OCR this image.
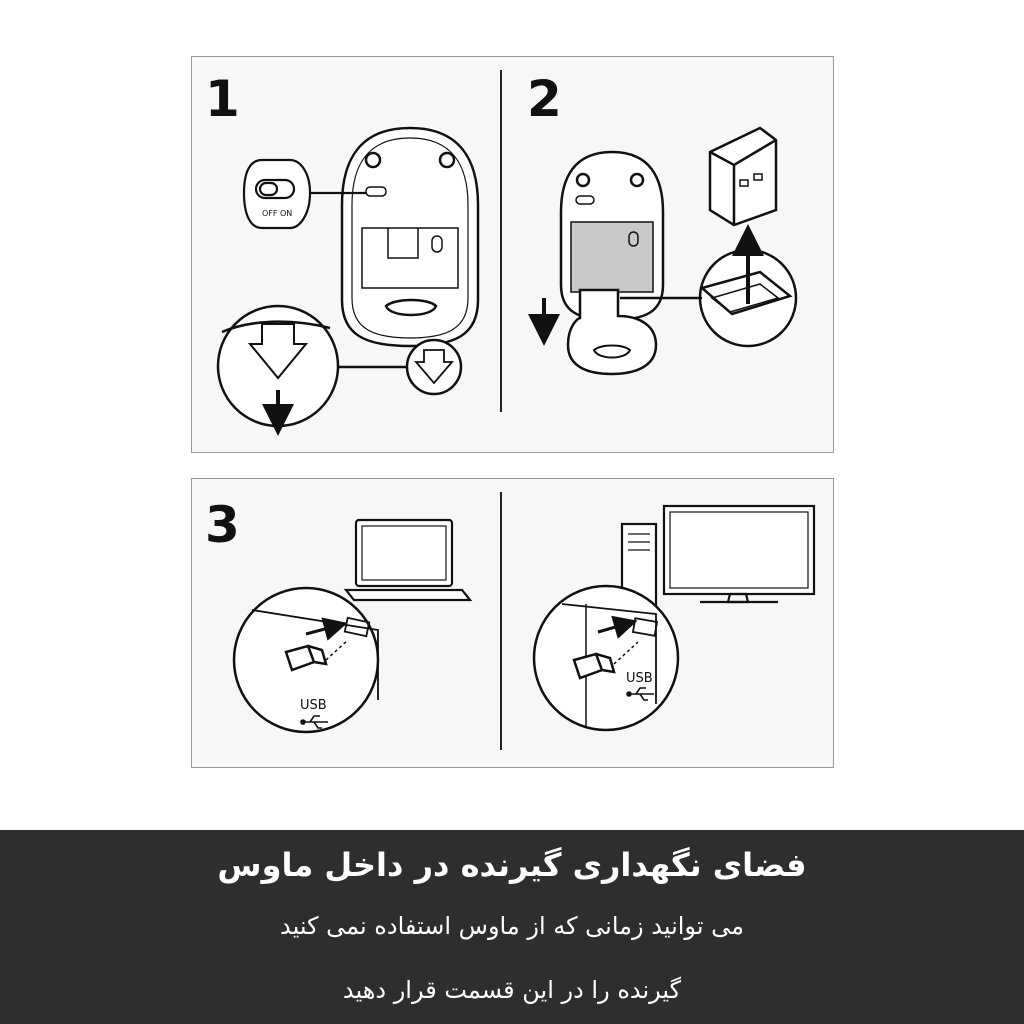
1	2
3
OFF ON
USB
USB
فضای نگهداری گیرنده در داخل ماوس
می توانید زمانی که از ماوس استفاده نمی کنید
گیرنده را در این قسمت قرار دهید
